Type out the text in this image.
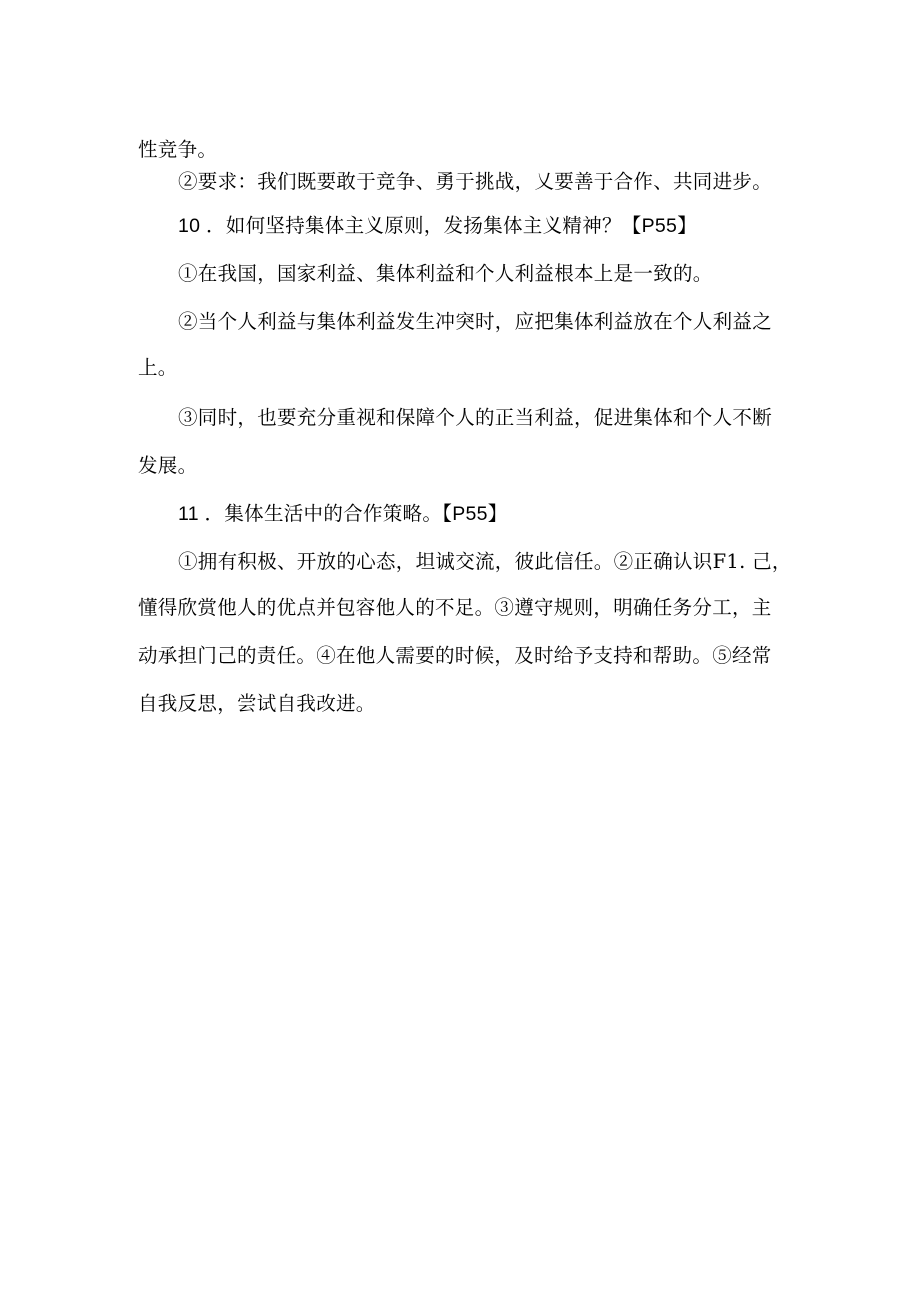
性竞争。
②要求：我们既要敢于竞争、勇于挑战，乂要善于合作、共同进步。
10 ．如何坚持集体主义原则，发扬集体主义精神？【P55】
①在我国，国家利益、集体利益和个人利益根本上是一致的。
②当个人利益与集体利益发生冲突时，应把集体利益放在个人利益之
上。
③同时，也要充分重视和保障个人的正当利益，促进集体和个人不断
发展。
11 ．集体生活中的合作策略。【P55】
①拥有积极、开放的心态，坦诚交流，彼此信任。②正确认识F1. 己，
懂得欣赏他人的优点并包容他人的不足。③遵守规则，明确任务分工，主
动承担门己的责任。④在他人需要的时候，及时给予支持和帮助。⑤经常
自我反思，尝试自我改进。
